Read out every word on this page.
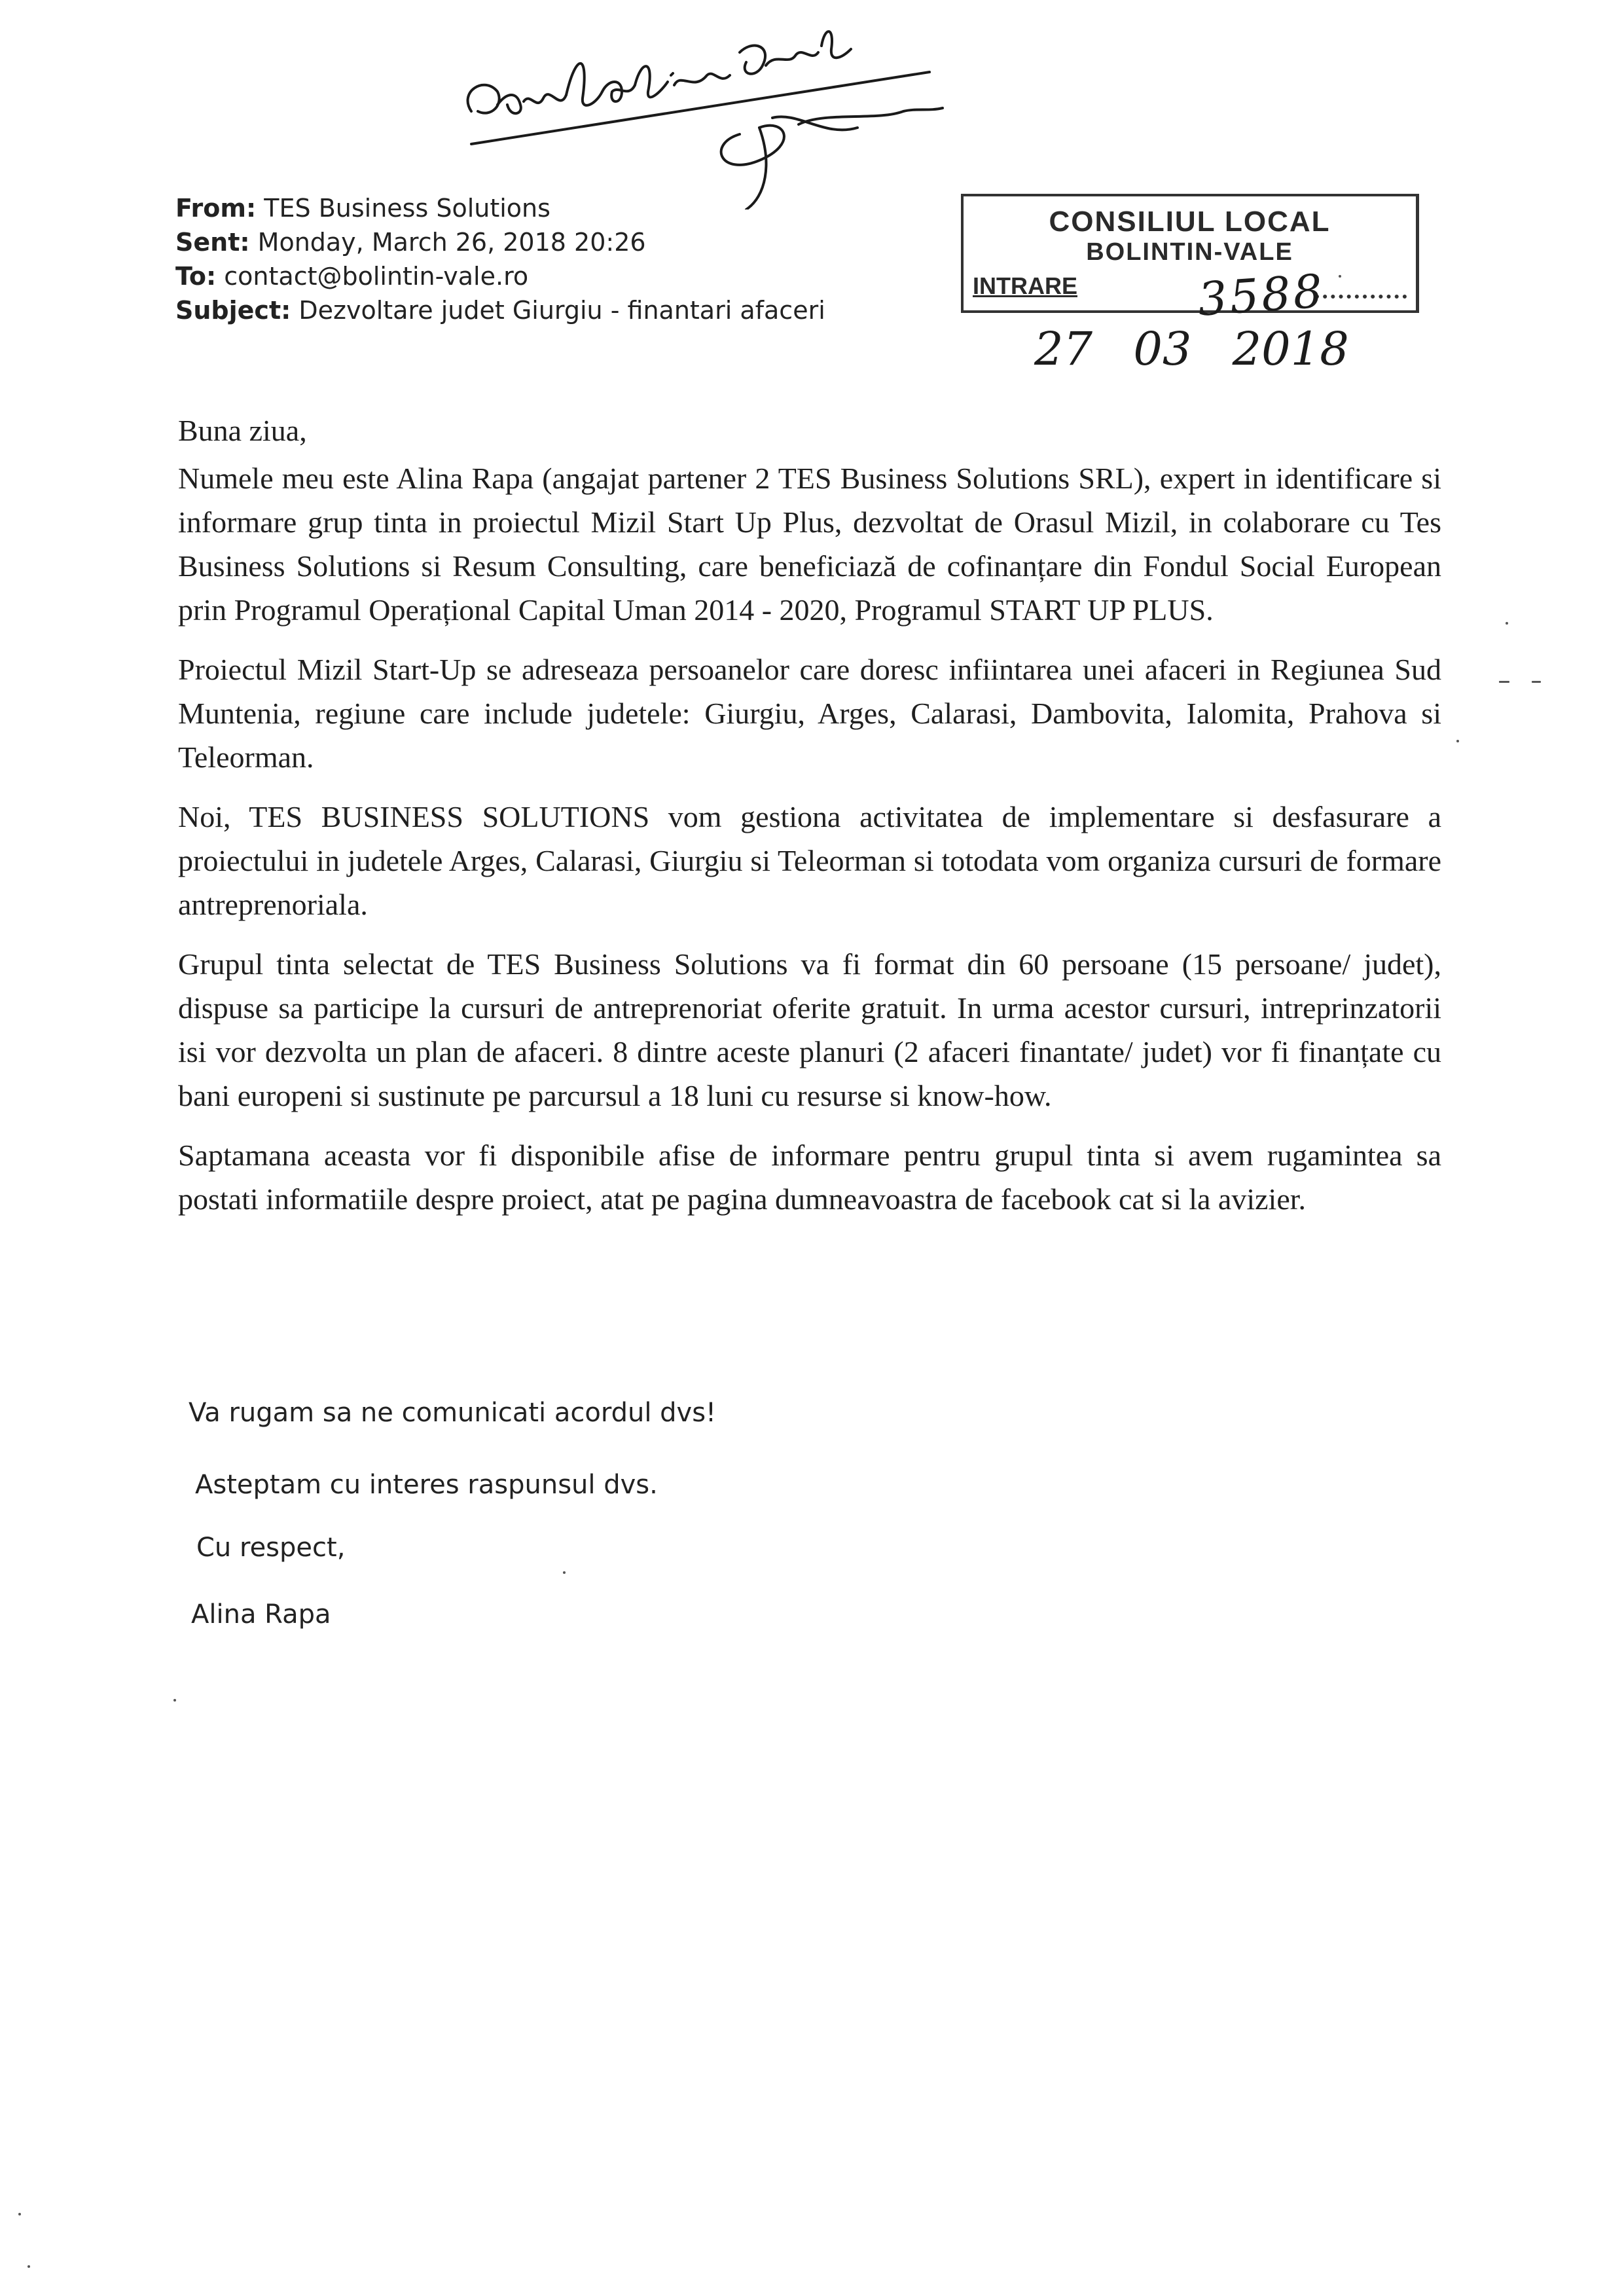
From: TES Business Solutions
Sent: Monday, March 26, 2018 20:26
To: contact@bolintin-vale.ro
Subject: Dezvoltare judet Giurgiu - finantari afaceri
CONSILIUL LOCAL
BOLINTIN-VALE
INTRARE	3588
27 03 2018

Buna ziua,

Numele meu este Alina Rapa (angajat partener 2 TES Business Solutions SRL), expert in identificare si informare grup tinta in proiectul Mizil Start Up Plus, dezvoltat de Orasul Mizil, in colaborare cu Tes Business Solutions si Resum Consulting, care beneficiază de cofinanțare din Fondul Social European prin Programul Operațional Capital Uman 2014 - 2020, Programul START UP PLUS.

Proiectul Mizil Start-Up se adreseaza persoanelor care doresc infiintarea unei afaceri in Regiunea Sud Muntenia, regiune care include judetele: Giurgiu, Arges, Calarasi, Dambovita, Ialomita, Prahova si Teleorman.

Noi, TES BUSINESS SOLUTIONS vom gestiona activitatea de implementare si desfasurare a proiectului in judetele Arges, Calarasi, Giurgiu si Teleorman si totodata vom organiza cursuri de formare antreprenoriala.

Grupul tinta selectat de TES Business Solutions va fi format din 60 persoane (15 persoane/ judet), dispuse sa participe la cursuri de antreprenoriat oferite gratuit. In urma acestor cursuri, intreprinzatorii isi vor dezvolta un plan de afaceri. 8 dintre aceste planuri (2 afaceri finantate/ judet) vor fi finanțate cu bani europeni si sustinute pe parcursul a 18 luni cu resurse si know-how.

Saptamana aceasta vor fi disponibile afise de informare pentru grupul tinta si avem rugamintea sa postati informatiile despre proiect, atat pe pagina dumneavoastra de facebook cat si la avizier.

Va rugam sa ne comunicati acordul dvs!
Asteptam cu interes raspunsul dvs.
Cu respect,
Alina Rapa
